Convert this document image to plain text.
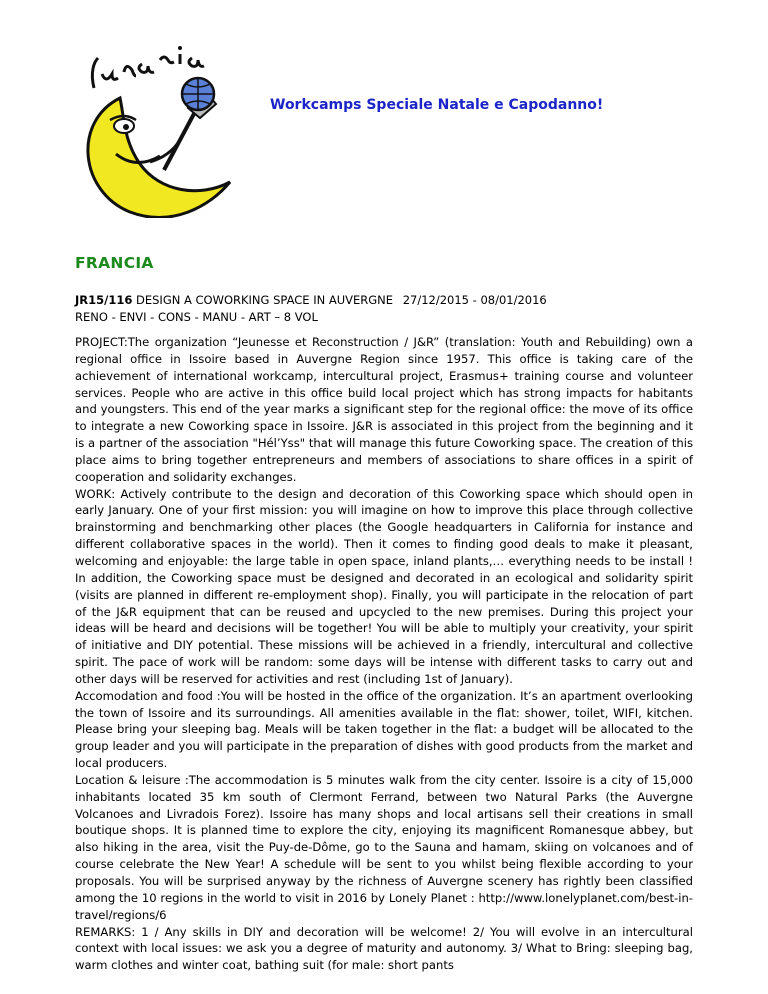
Workcamps Speciale Natale e Capodanno!
FRANCIA
JR15/116 DESIGN A COWORKING SPACE IN AUVERGNE 27/12/2015 - 08/01/2016
RENO - ENVI - CONS - MANU - ART – 8 VOL

PROJECT:The organization “Jeunesse et Reconstruction / J&R” (translation: Youth and Rebuilding) own a regional office in Issoire based in Auvergne Region since 1957. This office is taking care of the achievement of international workcamp, intercultural project, Erasmus+ training course and volunteer services. People who are active in this office build local project which has strong impacts for habitants and youngsters. This end of the year marks a significant step for the regional office: the move of its office to integrate a new Coworking space in Issoire. J&R is associated in this project from the beginning and it is a partner of the association "Hél’Yss" that will manage this future Coworking space. The creation of this place aims to bring together entrepreneurs and members of associations to share offices in a spirit of cooperation and solidarity exchanges.

WORK: Actively contribute to the design and decoration of this Coworking space which should open in early January. One of your first mission: you will imagine on how to improve this place through collective brainstorming and benchmarking other places (the Google headquarters in California for instance and different collaborative spaces in the world). Then it comes to finding good deals to make it pleasant, welcoming and enjoyable: the large table in open space, inland plants,… everything needs to be install ! In addition, the Coworking space must be designed and decorated in an ecological and solidarity spirit (visits are planned in different re-employment shop). Finally, you will participate in the relocation of part of the J&R equipment that can be reused and upcycled to the new premises. During this project your ideas will be heard and decisions will be together! You will be able to multiply your creativity, your spirit of initiative and DIY potential. These missions will be achieved in a friendly, intercultural and collective spirit. The pace of work will be random: some days will be intense with different tasks to carry out and other days will be reserved for activities and rest (including 1st of January).

Accomodation and food :You will be hosted in the office of the organization. It’s an apartment overlooking the town of Issoire and its surroundings. All amenities available in the flat: shower, toilet, WIFI, kitchen. Please bring your sleeping bag. Meals will be taken together in the flat: a budget will be allocated to the group leader and you will participate in the preparation of dishes with good products from the market and local producers.

Location & leisure :The accommodation is 5 minutes walk from the city center. Issoire is a city of 15,000 inhabitants located 35 km south of Clermont Ferrand, between two Natural Parks (the Auvergne Volcanoes and Livradois Forez). Issoire has many shops and local artisans sell their creations in small boutique shops. It is planned time to explore the city, enjoying its magnificent Romanesque abbey, but also hiking in the area, visit the Puy-de-Dôme, go to the Sauna and hamam, skiing on volcanoes and of course celebrate the New Year! A schedule will be sent to you whilst being flexible according to your proposals. You will be surprised anyway by the richness of Auvergne scenery has rightly been classified among the 10 regions in the world to visit in 2016 by Lonely Planet : http://www.lonelyplanet.com/best-in-travel/regions/6

REMARKS: 1 / Any skills in DIY and decoration will be welcome! 2/ You will evolve in an intercultural context with local issues: we ask you a degree of maturity and autonomy. 3/ What to Bring: sleeping bag, warm clothes and winter coat, bathing suit (for male: short pants
